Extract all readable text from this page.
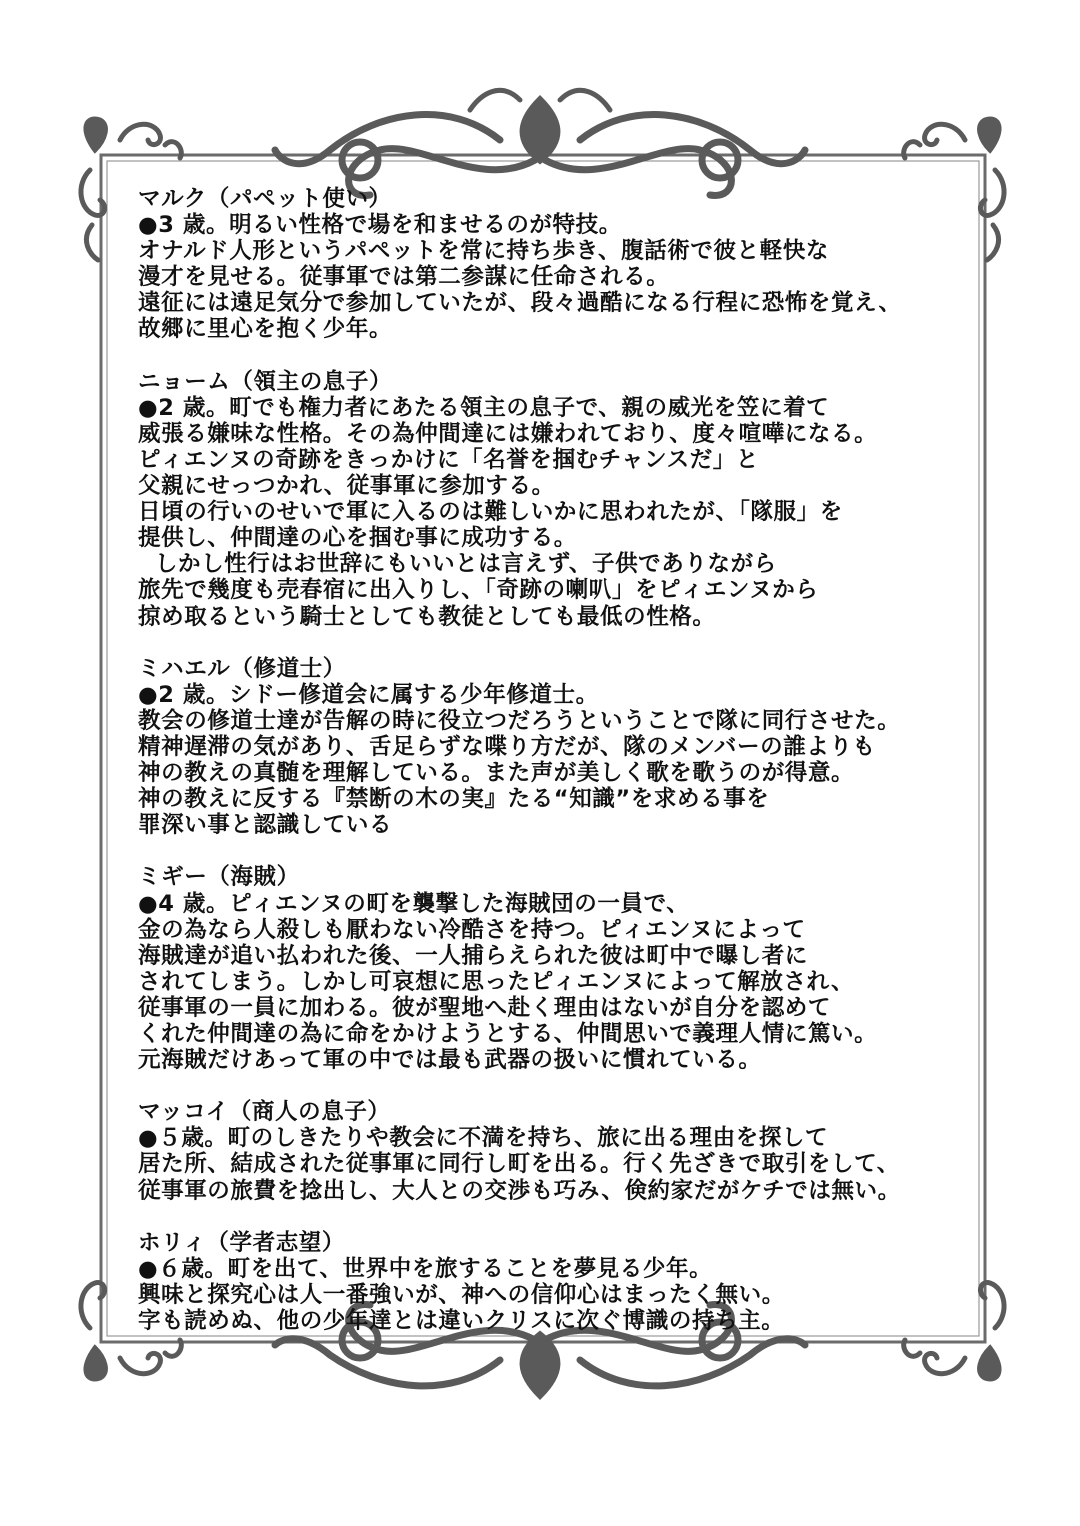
マルク（パペット使い）
●3 歳。明るい性格で場を和ませるのが特技。
オナルド人形というパペットを常に持ち歩き、腹話術で彼と軽快な
漫才を見せる。従事軍では第二参謀に任命される。
遠征には遠足気分で参加していたが、段々過酷になる行程に恐怖を覚え、
故郷に里心を抱く少年。
ニョーム（領主の息子）
●2 歳。町でも権力者にあたる領主の息子で、親の威光を笠に着て
威張る嫌味な性格。その為仲間達には嫌われており、度々喧嘩になる。
ピィエンヌの奇跡をきっかけに「名誉を掴むチャンスだ」と
父親にせっつかれ、従事軍に参加する。
日頃の行いのせいで軍に入るのは難しいかに思われたが、「隊服」を
提供し、仲間達の心を掴む事に成功する。
しかし性行はお世辞にもいいとは言えず、子供でありながら
旅先で幾度も売春宿に出入りし、「奇跡の喇叭」をピィエンヌから
掠め取るという騎士としても教徒としても最低の性格。
ミハエル（修道士）
●2 歳。シドー修道会に属する少年修道士。
教会の修道士達が告解の時に役立つだろうということで隊に同行させた。
精神遅滞の気があり、舌足らずな喋り方だが、隊のメンバーの誰よりも
神の教えの真髄を理解している。また声が美しく歌を歌うのが得意。
神の教えに反する『禁断の木の実』たる“知識”を求める事を
罪深い事と認識している
ミギー（海賊）
●4 歳。ピィエンヌの町を襲撃した海賊団の一員で、
金の為なら人殺しも厭わない冷酷さを持つ。ピィエンヌによって
海賊達が追い払われた後、一人捕らえられた彼は町中で曝し者に
されてしまう。しかし可哀想に思ったピィエンヌによって解放され、
従事軍の一員に加わる。彼が聖地へ赴く理由はないが自分を認めて
くれた仲間達の為に命をかけようとする、仲間思いで義理人情に篤い。
元海賊だけあって軍の中では最も武器の扱いに慣れている。
マッコイ（商人の息子）
●５歳。町のしきたりや教会に不満を持ち、旅に出る理由を探して
居た所、結成された従事軍に同行し町を出る。行く先ざきで取引をして、
従事軍の旅費を捻出し、大人との交渉も巧み、倹約家だがケチでは無い。
ホリィ（学者志望）
●６歳。町を出て、世界中を旅することを夢見る少年。
興味と探究心は人一番強いが、神への信仰心はまったく無い。
字も読めぬ、他の少年達とは違いクリスに次ぐ博識の持ち主。
